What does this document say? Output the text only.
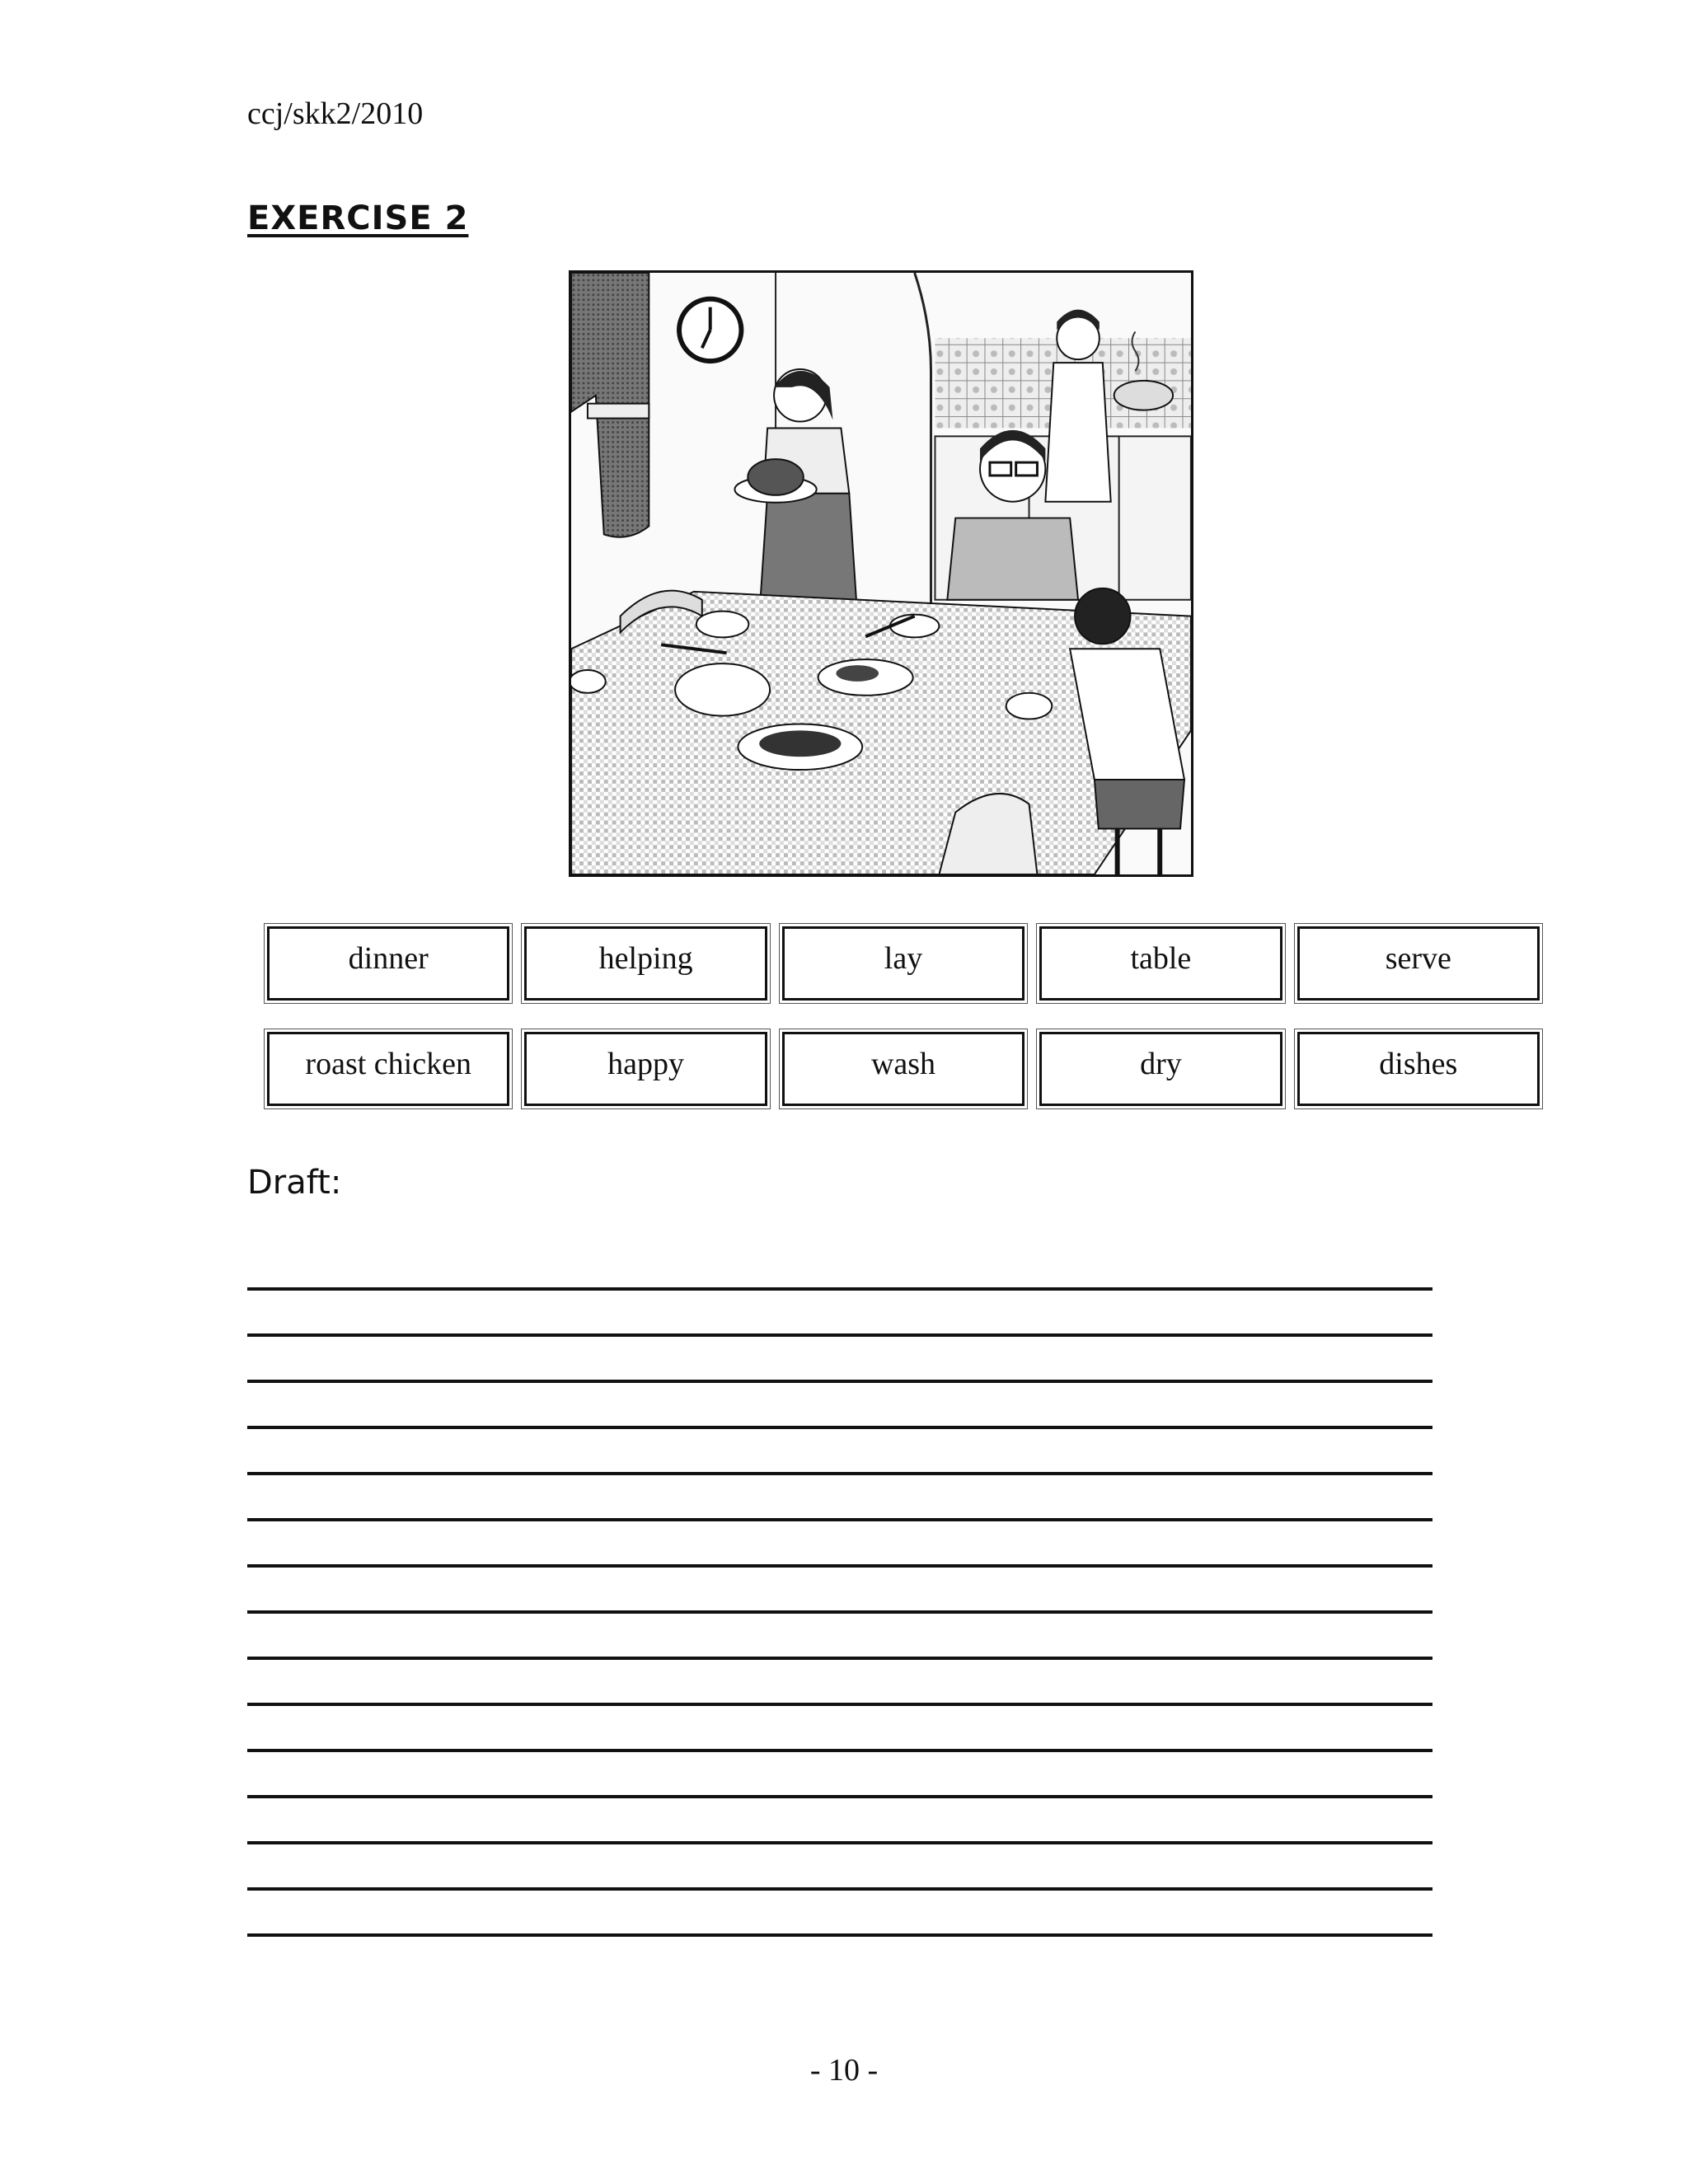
ccj/skk2/2010
EXERCISE 2
dinner	helping	lay	table	serve
roast chicken	happy	wash	dry	dishes
Draft:
- 10 -
